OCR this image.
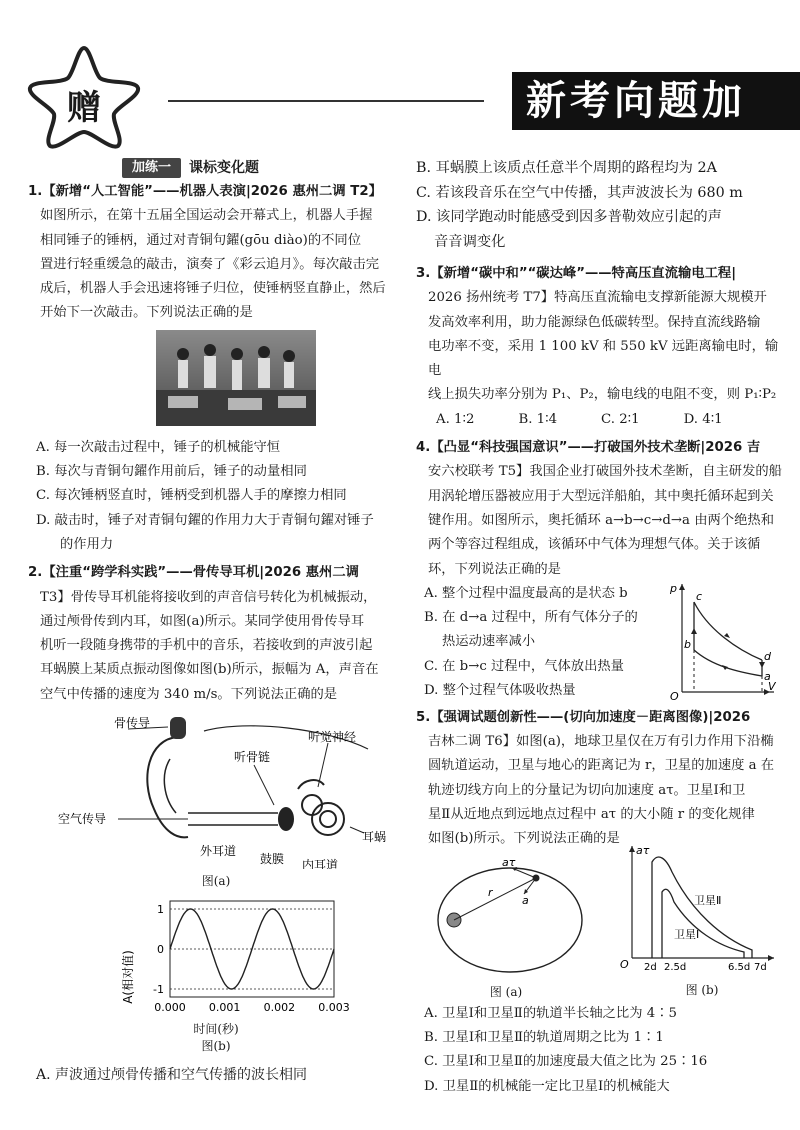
赠	新考向题加
加练一	课标变化题

1.【新增“人工智能”——机器人表演|2026 惠州二调 T2】

如图所示，在第十五届全国运动会开幕式上，机器人手握

相同锤子的锤柄，通过对青铜句鑃(gōu diào)的不同位

置进行轻重缓急的敲击，演奏了《彩云追月》。每次敲击完

成后，机器人手会迅速将锤子归位，使锤柄竖直静止，然后

开始下一次敲击。下列说法正确的是

A. 每一次敲击过程中，锤子的机械能守恒

B. 每次与青铜句鑃作用前后，锤子的动量相同

C. 每次锤柄竖直时，锤柄受到机器人手的摩擦力相同

D. 敲击时，锤子对青铜句鑃的作用力大于青铜句鑃对锤子

的作用力

2.【注重“跨学科实践”——骨传导耳机|2026 惠州二调

T3】骨传导耳机能将接收到的声音信号转化为机械振动，

通过颅骨传到内耳，如图(a)所示。某同学使用骨传导耳

机听一段随身携带的手机中的音乐，若接收到的声波引起

耳蜗膜上某质点振动图像如图(b)所示，振幅为 A，声音在

空气中传播的速度为 340 m/s。下列说法正确的是

骨传导
听骨链
听觉神经
空气传导
耳蜗
外耳道
鼓膜 内耳道
图(a)
A(相对值)
1
0
-1
0.000 0.001 0.002 0.003
时间(秒)
图(b)

A. 声波通过颅骨传播和空气传播的波长相同

B. 耳蜗膜上该质点任意半个周期的路程均为 2A

C. 若该段音乐在空气中传播，其声波波长为 680 m

D. 该同学跑动时能感受到因多普勒效应引起的声

音音调变化

3.【新增“碳中和”“碳达峰”——特高压直流输电工程|

2026 扬州统考 T7】特高压直流输电支撑新能源大规模开

发高效率利用，助力能源绿色低碳转型。保持直流线路输

电功率不变，采用 1 100 kV 和 550 kV 远距离输电时，输电

线上损失功率分别为 P₁、P₂，输电线的电阻不变，则 P₁∶P₂

A. 1∶2	B. 1∶4	C. 2∶1	D. 4∶1

4.【凸显“科技强国意识”——打破国外技术垄断|2026 吉

安六校联考 T5】我国企业打破国外技术垄断，自主研发的船

用涡轮增压器被应用于大型远洋船舶，其中奥托循环起到关

键作用。如图所示，奥托循环 a→b→c→d→a 由两个绝热和

两个等容过程组成，该循环中气体为理想气体。关于该循

环，下列说法正确的是

A. 整个过程中温度最高的是状态 b

B. 在 d→a 过程中，所有气体分子的

热运动速率减小

C. 在 b→c 过程中，气体放出热量

D. 整个过程气体吸收热量

p
V
O
c
b
d
a

5.【强调试题创新性——(切向加速度－距离图像)|2026

吉林二调 T6】如图(a)，地球卫星仅在万有引力作用下沿椭

圆轨道运动，卫星与地心的距离记为 r，卫星的加速度 a 在

轨迹切线方向上的分量记为切向加速度 aτ。卫星Ⅰ和卫

星Ⅱ从近地点到远地点过程中 aτ 的大小随 r 的变化规律

如图(b)所示。下列说法正确的是

aτ
r
a
图 (a)
aτ
O
卫星Ⅱ
卫星Ⅰ
2d 2.5d	6.5d 7d
图 (b)

A. 卫星Ⅰ和卫星Ⅱ的轨道半长轴之比为 4∶5

B. 卫星Ⅰ和卫星Ⅱ的轨道周期之比为 1∶1

C. 卫星Ⅰ和卫星Ⅱ的加速度最大值之比为 25∶16

D. 卫星Ⅱ的机械能一定比卫星Ⅰ的机械能大
